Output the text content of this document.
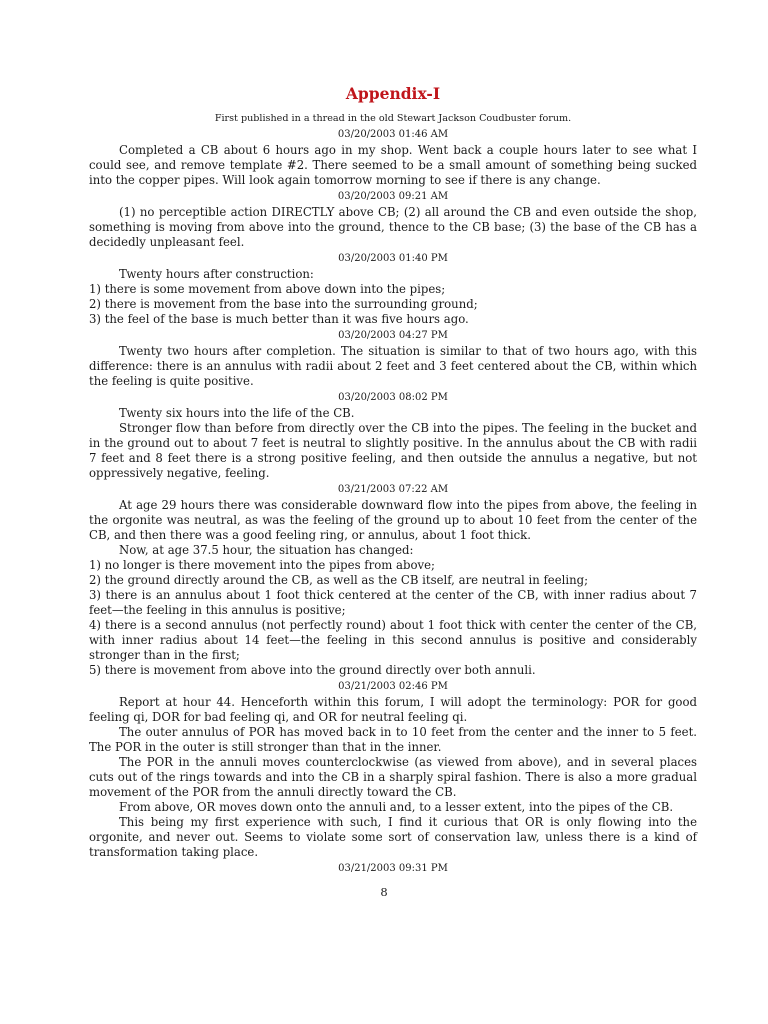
Appendix-I
First published in a thread in the old Stewart Jackson Coudbuster forum.
03/20/2003 01:46 AM
Completed a CB about 6 hours ago in my shop. Went back a couple hours later to see what I could see, and remove template #2. There seemed to be a small amount of something being sucked into the copper pipes. Will look again tomorrow morning to see if there is any change.
03/20/2003 09:21 AM
(1) no perceptible action DIRECTLY above CB; (2) all around the CB and even outside the shop, something is moving from above into the ground, thence to the CB base; (3) the base of the CB has a decidedly unpleasant feel.
03/20/2003 01:40 PM
Twenty hours after construction:
1) there is some movement from above down into the pipes;
2) there is movement from the base into the surrounding ground;
3) the feel of the base is much better than it was five hours ago.
03/20/2003 04:27 PM
Twenty two hours after completion. The situation is similar to that of two hours ago, with this difference: there is an annulus with radii about 2 feet and 3 feet centered about the CB, within which the feeling is quite positive.
03/20/2003 08:02 PM
Twenty six hours into the life of the CB.
Stronger flow than before from directly over the CB into the pipes. The feeling in the bucket and in the ground out to about 7 feet is neutral to slightly positive. In the annulus about the CB with radii 7 feet and 8 feet there is a strong positive feeling, and then outside the annulus a negative, but not oppressively negative, feeling.
03/21/2003 07:22 AM
At age 29 hours there was considerable downward flow into the pipes from above, the feeling in the orgonite was neutral, as was the feeling of the ground up to about 10 feet from the center of the CB, and then there was a good feeling ring, or annulus, about 1 foot thick.
Now, at age 37.5 hour, the situation has changed:
1) no longer is there movement into the pipes from above;
2) the ground directly around the CB, as well as the CB itself, are neutral in feeling;
3) there is an annulus about 1 foot thick centered at the center of the CB, with inner radius about 7 feet—the feeling in this annulus is positive;
4) there is a second annulus (not perfectly round) about 1 foot thick with center the center of the CB, with inner radius about 14 feet—the feeling in this second annulus is positive and considerably stronger than in the first;
5) there is movement from above into the ground directly over both annuli.
03/21/2003 02:46 PM
Report at hour 44. Henceforth within this forum, I will adopt the terminology: POR for good feeling qi, DOR for bad feeling qi, and OR for neutral feeling qi.
The outer annulus of POR has moved back in to 10 feet from the center and the inner to 5 feet. The POR in the outer is still stronger than that in the inner.
The POR in the annuli moves counterclockwise (as viewed from above), and in several places cuts out of the rings towards and into the CB in a sharply spiral fashion. There is also a more gradual movement of the POR from the annuli directly toward the CB.
From above, OR moves down onto the annuli and, to a lesser extent, into the pipes of the CB.
This being my first experience with such, I find it curious that OR is only flowing into the orgonite, and never out. Seems to violate some sort of conservation law, unless there is a kind of transformation taking place.
03/21/2003 09:31 PM
8
